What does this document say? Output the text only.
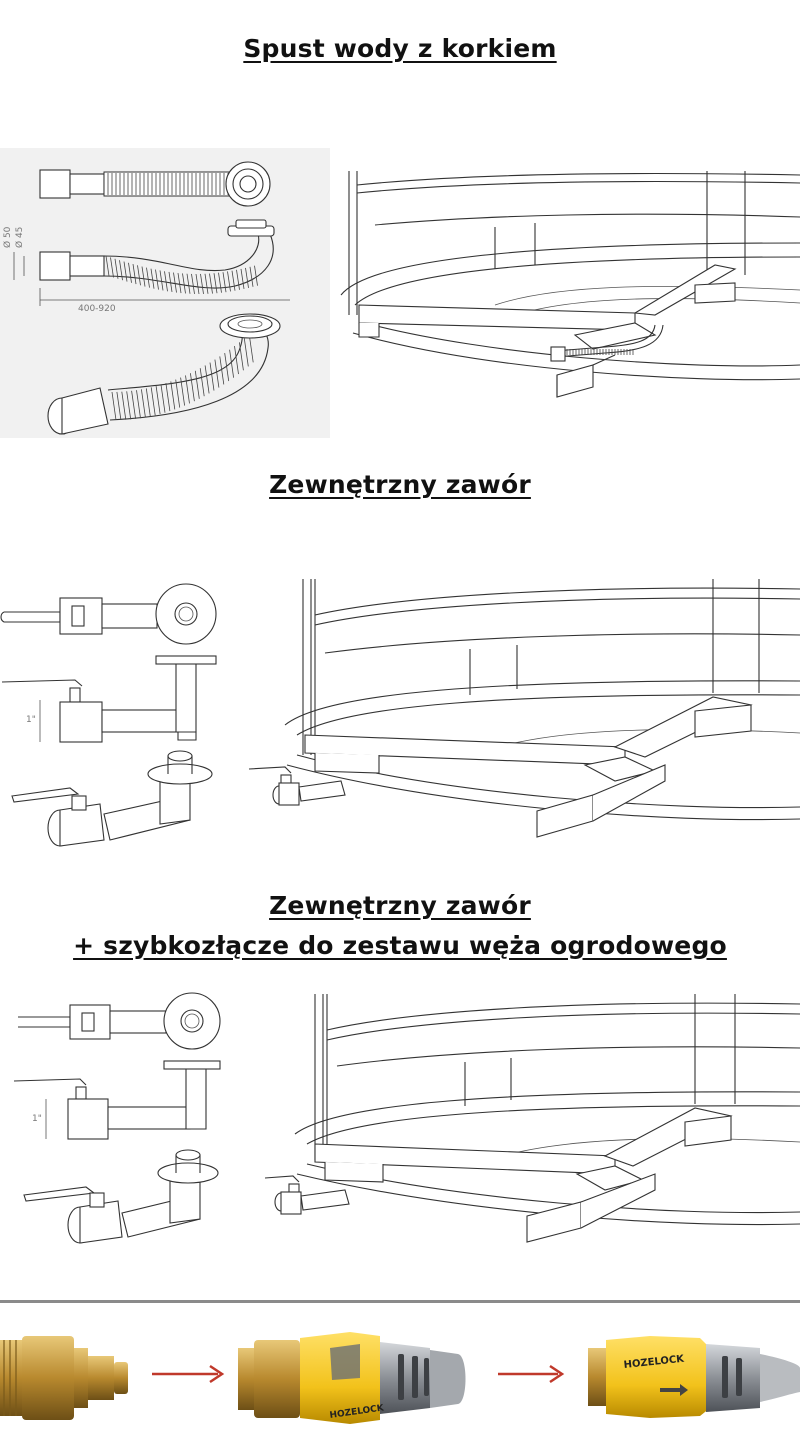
Spust wody z korkiem
Ø 50 Ø 45
400-920
Zewnętrzny zawór
1"
Zewnętrzny zawór
+ szybkozłącze do zestawu węża ogrodowego
1"
HOZELOCK
HOZELOCK
